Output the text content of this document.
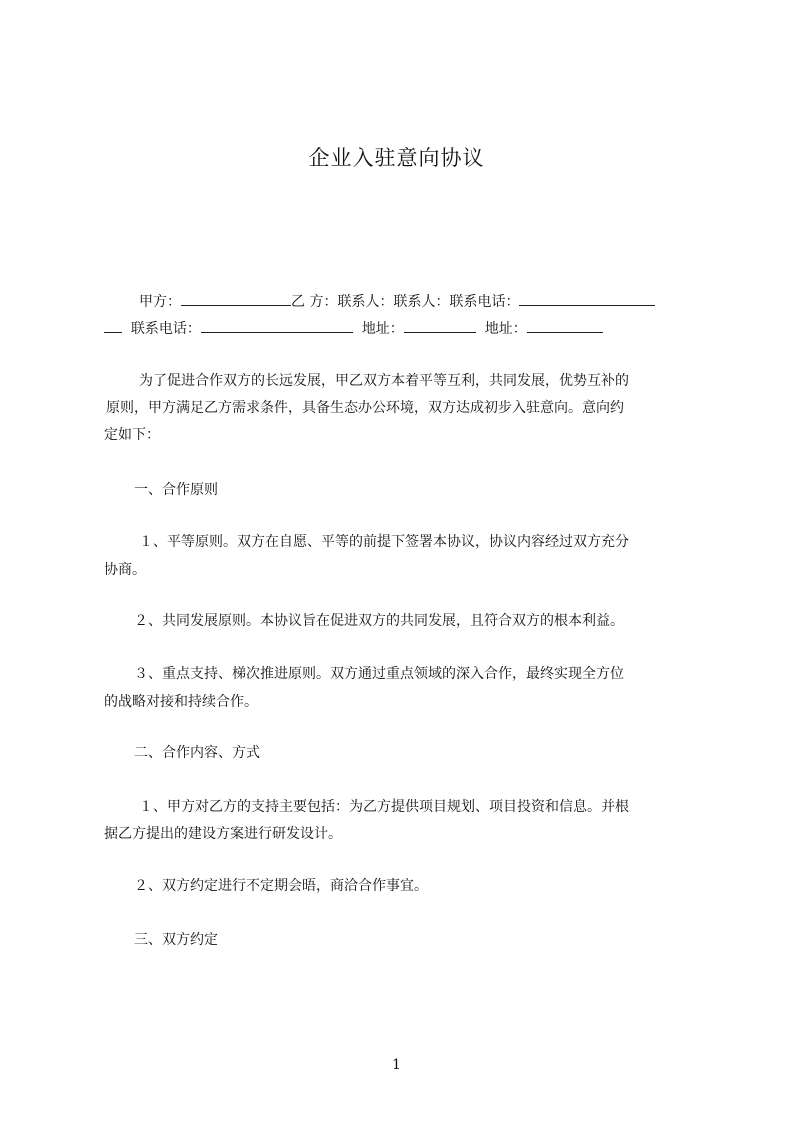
企业入驻意向协议
甲方：	乙 方：联系人：联系人：联系电话：
联系电话：	地址：	地址：
为了促进合作双方的长远发展，甲乙双方本着平等互利，共同发展，优势互补的
原则，甲方满足乙方需求条件，具备生态办公环境，双方达成初步入驻意向。意向约
定如下：
一、合作原则
１、平等原则。双方在自愿、平等的前提下签署本协议，协议内容经过双方充分
协商。
２、共同发展原则。本协议旨在促进双方的共同发展，且符合双方的根本利益。
３、重点支持、梯次推进原则。双方通过重点领域的深入合作，最终实现全方位
的战略对接和持续合作。
二、合作内容、方式
１、甲方对乙方的支持主要包括：为乙方提供项目规划、项目投资和信息。并根
据乙方提出的建设方案进行研发设计。
２、双方约定进行不定期会晤，商洽合作事宜。
三、双方约定
1
